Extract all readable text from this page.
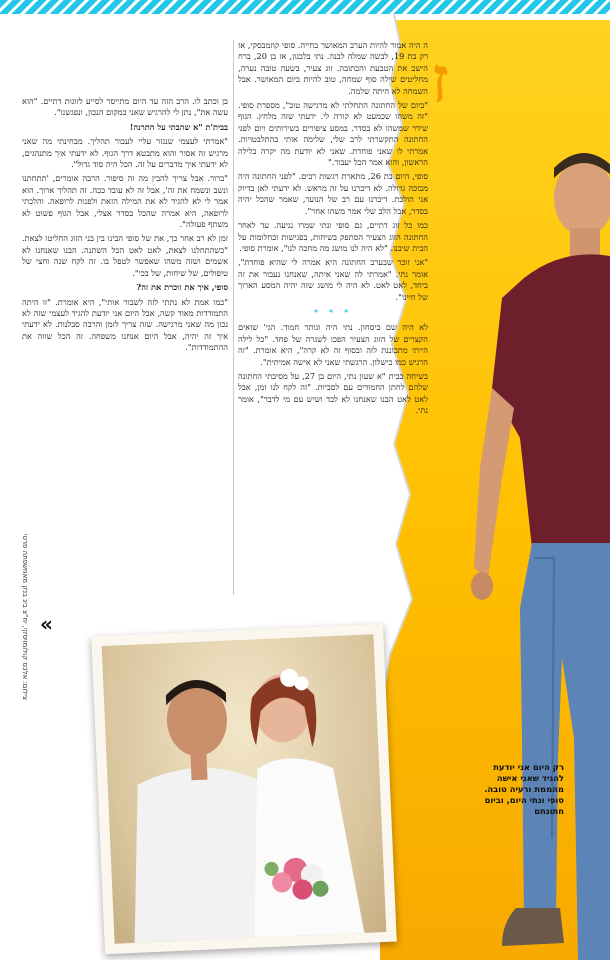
ז

ה היה אמור להיות הערב המאושר בחייה. סופי קוזמבסקי, אז רק בת 19, לבשה שמלה לבנה. נתי בלבנון, אז בן 20, ברח הישב את הטבעת והכתובה. זוג צעיר, בשעה טובה נערה, מחליטים שילה סוף שמחה, טוב להיות ביום המאושר. אבל השמחה לא היתה שלמה.

"ביום של החתונה התחלתי לא מרגישה טוב", מספרת סופי. "זה משהו שכמעט לא קורה לי. ידעתי שזה מלחץ. הגוף שידר שמשהו לא בסדר. במסע ציפורים בשירותים ויום לפני החתונה התקשרתי לרב שלי, שלימה אותי בהתלבטויות. אמרתי לו שאני פוחדת. שאני לא יודעת מה יקרה בלילה הראשון, והוא אמר הכל יעבור."

סופי, היום בת 26, מתארת רגשות רבים. "לפני החתונה היה מבוכה גדולה. לא דיברנו על זה מראש. לא ידעתי לאן בדיוק אני הולכת. דיברנו עם רב של הנוער, שאמר שהכל יהיה בסדר, אבל הלב שלי אמר משהו אחר".

כמו כל זוג דתיים, גם סופי ונתי שמרו נגיעה. עד לאחר החתונה הזוג הצעיר הסתפק בשיחות, בפגישות ובחלומות על הבית שיבנו. "לא היה לנו מושג מה מחכה לנו", אומרת סופי.

"אני זוכר שבערב החתונה היא אמרה לי שהיא פוחדת", אומר נתי. "אמרתי לה שאני איתה, שאנחנו נעבור את זה ביחד, לאט לאט. לא היה לי מושג שזה יהיה המסע הארוך של חיינו".

* * *

לא היה שם ביסחון. נתי היה ונותר חמוד. הגי' שואים הקצרים של הזוג הצעיר הפכו לשגרה של פחד. "כל לילה הייתי מתכוננת לזה ובסוף זה לא קרה", היא אומרת. "זה הרגיש כמו כישלון. הרגשתי שאני לא אישה אמיתית".

בשיחה בבית "א שעון נתי, היום בן 27, על מסיבתי החתונה שלהם לחתן החמודים עם לסביות. "זה לקח לנו זמן, אבל לאט לאט הבנו שאנחנו לא לבד ושיש עם מי לדבר", אומר נתי.

בן וכתב לו. הרב הזה עד היום מתייסר לסייע לזוגות דתיים. "הוא עשה את", נתן לי להרגיש שאני במקום הנכון, ונפגשנו".

בבית'ת "א שהבתי על התרנה!

"אמרתי לעצמי שנגזר עליי לעבור תהליך. מבחינתי מה שאני מרגיש זה אסור והוא מתבטא דרך הגוף. לא ידעתי איך מתנהגים, לא ידעתי איך מדברים על זה. הכל היה סוד גדול".

"ברור. אבל צריך להבין מה זה סיפור. הרבה אומרים, 'תתחתנו ונשב ונשמח את זה', אבל זה לא עובד ככה. זה תהליך ארוך. הוא אמר לי לא להגיד לא את המילה הזאת ולפנות לרופאה. והלכתי לרופאה, היא אמרה שהכל בסדר אצלי, אבל הגוף פשוט לא משתף פעולה".

זמן לא רב אחר כך, את של סופי הבינו בין בני הזוג החליטו לצאת. "כשהתחלנו לצאת, לאט לאט הכל השתנה. הבנו שאנחנו לא אשמים ושזה משהו שאפשר לטפל בו. זה לקח שנה וחצי של טיפולים, של שיחות, של בכי".

סופי, איך את זוכרת את זה?

"כמו אמת לא נתתי לזה לשבור אותי", היא אומרת. "זו היתה התמודדות מאוד קשה, אבל היום אני יודעת להגיד לעצמי שזה לא נכון מה שאני מרגישה. שזה צריך לזמן והרבה סבלנות. לא ידעתי איך זה יהיה, אבל היום אנחנו משפחה. זה הכל שווה את ההתמודדות".

«
צילום: אלכס קולומויסקי, יח"צ ביג בנק מאחשפתה פרטי
רק היום אני יודעת להגיד שאני אישה מהממת ורעיה טובה. סופי ונתי היום, וביום חתונתם
